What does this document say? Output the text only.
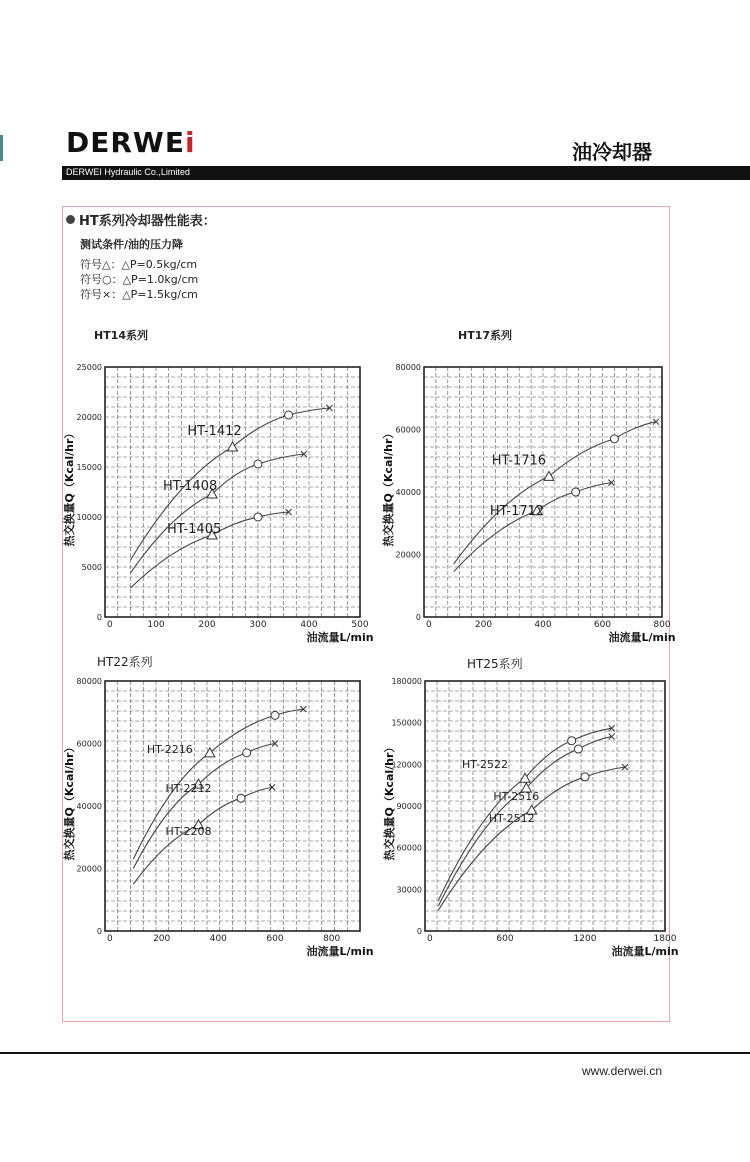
DERWEi	油冷却器
DERWEI Hydraulic Co.,Limited
HT系列冷却器性能表：
测试条件/油的压力降
符号△：△P=0.5kg/cm
符号○：△P=1.0kg/cm
符号×：△P=1.5kg/cm
HT14系列	HT17系列
HT22系列	HT25系列
0
5000
10000
15000
20000
25000
0	100	200	300	400	500
油流量L/min
热交换量Q（Kcal/hr）	HT-1412
HT-1408
HT-1405
0
20000
40000
60000
80000
0	200	400	600	800
油流量L/min
热交换量Q（Kcal/hr）	HT-1716
HT-1712
0
20000
40000
60000
80000
0	200	400	600	800
油流量L/min
热交换量Q（Kcal/hr）	HT-2216
HT-2212
HT-2208
0
30000
60000
90000
120000
150000
180000
0	600	1200	1800
油流量L/min
热交换量Q（Kcal/hr）	HT-2522
HT-2516
HT-2512
www.derwei.cn
